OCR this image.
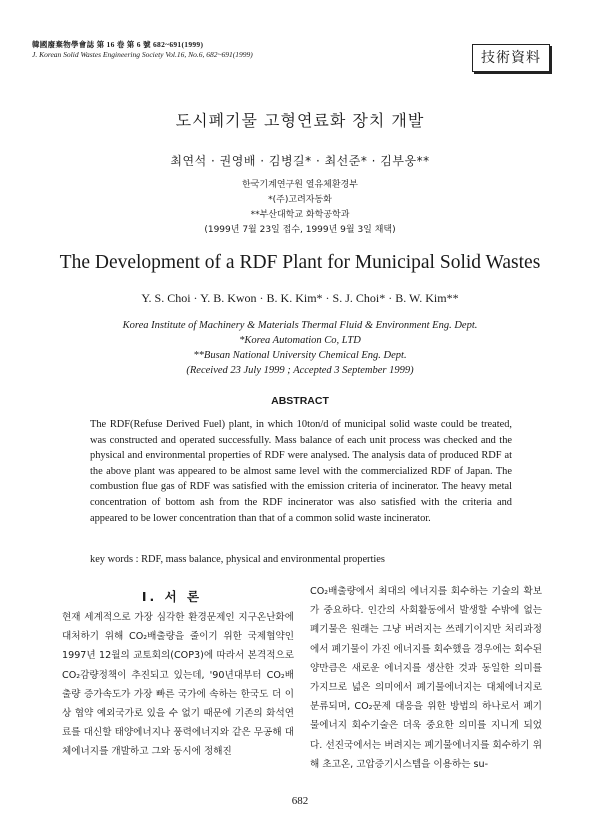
韓國廢棄物學會誌 第 16 卷 第 6 號 682~691(1999)
J. Korean Solid Wastes Engineering Society Vol.16, No.6, 682~691(1999)	技術資料
도시폐기물 고형연료화 장치 개발
최연석 · 권영배 · 김병길* · 최선준* · 김부웅**
한국기계연구원 열유체환경부
*(주)고려자동화
**부산대학교 화학공학과
(1999년 7월 23일 접수, 1999년 9월 3일 채택)
The Development of a RDF Plant for Municipal Solid Wastes
Y. S. Choi · Y. B. Kwon · B. K. Kim* · S. J. Choi* · B. W. Kim**
Korea Institute of Machinery & Materials Thermal Fluid & Environment Eng. Dept.
*Korea Automation Co, LTD
**Busan National University Chemical Eng. Dept.
(Received 23 July 1999 ; Accepted 3 September 1999)
ABSTRACT
The RDF(Refuse Derived Fuel) plant, in which 10ton/d of municipal solid waste could be treated, was constructed and operated successfully. Mass balance of each unit process was checked and the physical and environmental properties of RDF were analysed. The analysis data of produced RDF at the above plant was appeared to be almost same level with the commercialized RDF of Japan. The combustion flue gas of RDF was satisfied with the emission criteria of incinerator. The heavy metal concentration of bottom ash from the RDF incinerator was also satisfied with the criteria and appeared to be lower concentration than that of a common solid waste incinerator.
key words : RDF, mass balance, physical and environmental properties
Ⅰ. 서 론
현재 세계적으로 가장 심각한 환경문제인 지구온난화에 대처하기 위해 CO₂배출량을 줄이기 위한 국제협약인 1997년 12월의 교토회의(COP3)에 따라서 본격적으로 CO₂감량정책이 추진되고 있는데, '90년대부터 CO₂배출량 증가속도가 가장 빠른 국가에 속하는 한국도 더 이상 협약 예외국가로 있을 수 없기 때문에 기존의 화석연료를 대신할 태양에너지나 풍력에너지와 같은 무공해 대체에너지를 개발하고 그와 동시에 정해진
CO₂배출량에서 최대의 에너지를 회수하는 기술의 확보가 중요하다. 인간의 사회활동에서 발생할 수밖에 없는 폐기물은 원래는 그냥 버려지는 쓰레기이지만 처리과정에서 폐기물이 가진 에너지를 회수했을 경우에는 회수된 양만큼은 새로운 에너지를 생산한 것과 동일한 의미를 가지므로 넓은 의미에서 폐기물에너지는 대체에너지로 분류되며, CO₂문제 대응을 위한 방법의 하나로서 폐기물에너지 회수기술은 더욱 중요한 의미를 지니게 되었다. 선진국에서는 버려지는 폐기물에너지를 회수하기 위해 초고온, 고압증기시스템을 이용하는 su-
682
